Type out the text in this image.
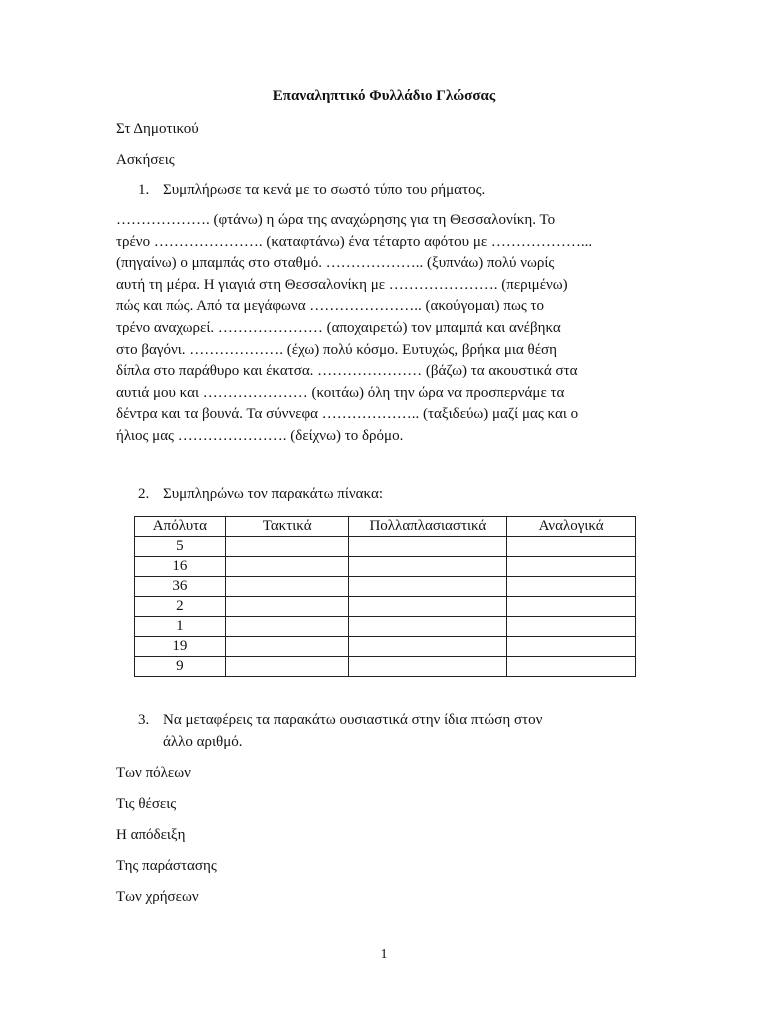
Επαναληπτικό Φυλλάδιο Γλώσσας
Στ Δημοτικού
Ασκήσεις
1. Συμπλήρωσε τα κενά με το σωστό τύπο του ρήματος.
………………. (φτάνω) η ώρα της αναχώρησης για τη Θεσσαλονίκη. Το
τρένο …………………. (καταφτάνω) ένα τέταρτο αφότου με ………………...
(πηγαίνω) ο μπαμπάς στο σταθμό. ……………….. (ξυπνάω) πολύ νωρίς
αυτή τη μέρα. Η γιαγιά στη Θεσσαλονίκη με …………………. (περιμένω)
πώς και πώς. Από τα μεγάφωνα ………………….. (ακούγομαι) πως το
τρένο αναχωρεί. ………………… (αποχαιρετώ) τον μπαμπά και ανέβηκα
στο βαγόνι. ………………. (έχω) πολύ κόσμο. Ευτυχώς, βρήκα μια θέση
δίπλα στο παράθυρο και έκατσα. ………………… (βάζω) τα ακουστικά στα
αυτιά μου και ………………… (κοιτάω) όλη την ώρα να προσπερνάμε τα
δέντρα και τα βουνά. Τα σύννεφα ……………….. (ταξιδεύω) μαζί μας και ο
ήλιος μας …………………. (δείχνω) το δρόμο.
2. Συμπληρώνω τον παρακάτω πίνακα:
Απόλυτα	Τακτικά	Πολλαπλασιαστικά	Αναλογικά
5			
16			
36			
2			
1			
19			
9			
3. Να μεταφέρεις τα παρακάτω ουσιαστικά στην ίδια πτώση στον
άλλο αριθμό.
Των πόλεων
Τις θέσεις
Η απόδειξη
Της παράστασης
Των χρήσεων
1
